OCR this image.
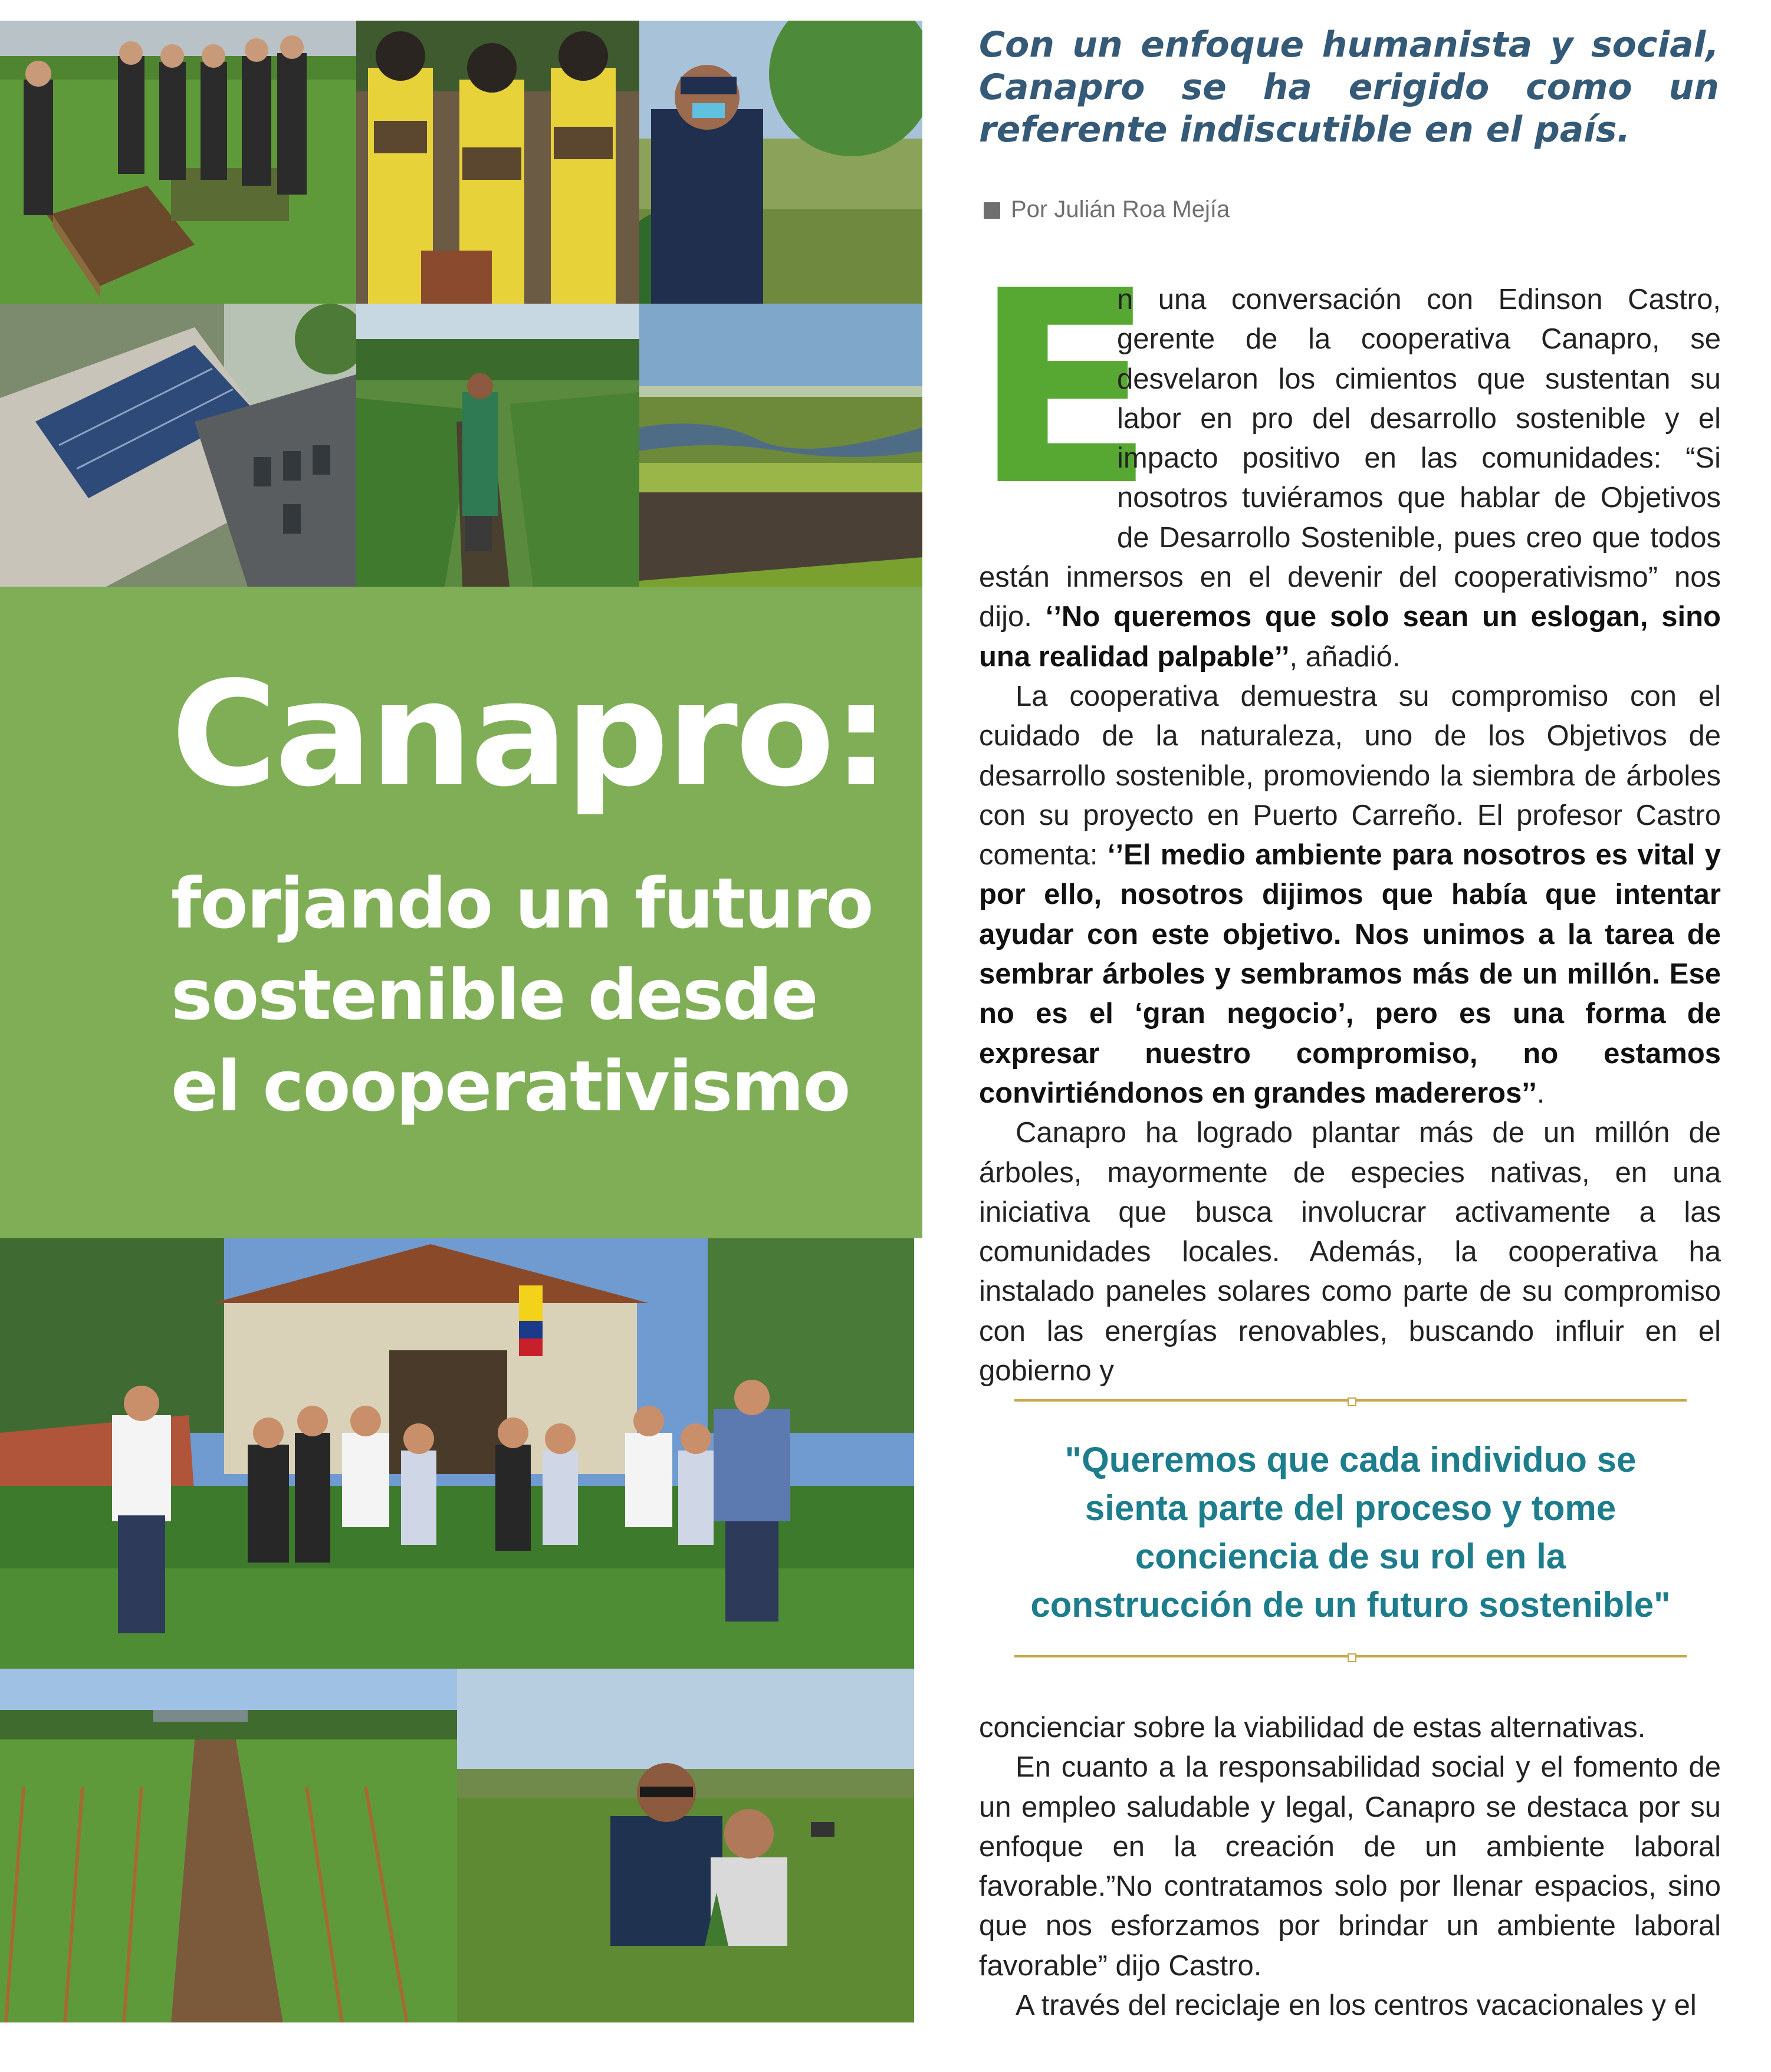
Canapro:
forjando un futuro sostenible desde el cooperativismo

Con un enfoque humanista y social, Canapro se ha erigido como un referente indiscutible en el país.

Por Julián Roa Mejía

E
n una conversación con Edinson Castro, gerente de la cooperativa Canapro, se desvelaron los cimientos que sustentan su labor en pro del desarrollo sostenible y el impacto positivo en las comunidades: “Si nosotros tuviéramos que hablar de Objetivos de Desarrollo Sostenible, pues creo que todos están inmersos en el devenir del cooperativismo” nos dijo. ‘’No queremos que solo sean un eslogan, sino una realidad palpable’’, añadió.

La cooperativa demuestra su compromiso con el cuidado de la naturaleza, uno de los Objetivos de desarrollo sostenible, promoviendo la siembra de árboles con su proyecto en Puerto Carreño. El profesor Castro comenta: ‘’El medio ambiente para nosotros es vital y por ello, nosotros dijimos que había que intentar ayudar con este objetivo. Nos unimos a la tarea de sembrar árboles y sembramos más de un millón. Ese no es el ‘gran negocio’, pero es una forma de expresar nuestro compromiso, no estamos convirtiéndonos en grandes madereros’’.

Canapro ha logrado plantar más de un millón de árboles, mayormente de especies nativas, en una iniciativa que busca involucrar activamente a las comunidades locales. Además, la cooperativa ha instalado paneles solares como parte de su compromiso con las energías renovables, buscando influir en el gobierno y

"Queremos que cada individuo se sienta parte del proceso y tome conciencia de su rol en la construcción de un futuro sostenible"

concienciar sobre la viabilidad de estas alternativas.

En cuanto a la responsabilidad social y el fomento de un empleo saludable y legal, Canapro se destaca por su enfoque en la creación de un ambiente laboral favorable.”No contratamos solo por llenar espacios, sino que nos esforzamos por brindar un ambiente laboral favorable” dijo Castro.

A través del reciclaje en los centros vacacionales y el
